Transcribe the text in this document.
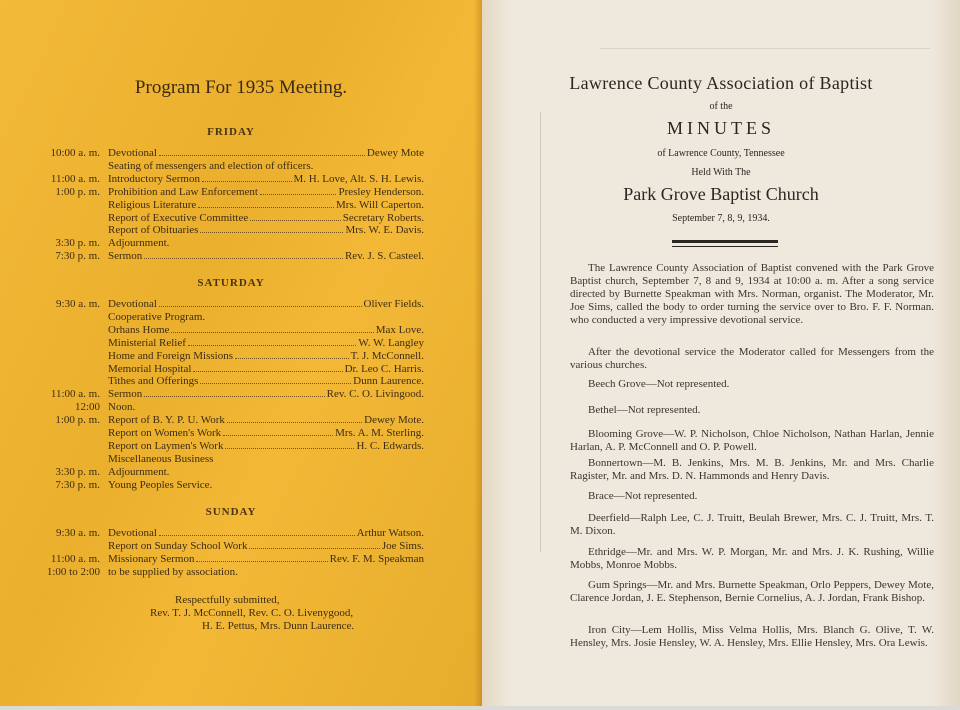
Program For 1935 Meeting.
FRIDAY
10:00 a. m. Devotional	Dewey Mote
Seating of messengers and election of officers.
11:00 a. m. Introductory Sermon	M. H. Love, Alt. S. H. Lewis.
1:00 p. m. Prohibition and Law Enforcement	Presley Henderson.
Religious Literature	Mrs. Will Caperton.
Report of Executive Committee	Secretary Roberts.
Report of Obituaries	Mrs. W. E. Davis.
3:30 p. m. Adjournment.
7:30 p. m. Sermon	Rev. J. S. Casteel.
SATURDAY
9:30 a. m. Devotional	Oliver Fields.
Cooperative Program.
Orhans Home	Max Love.
Ministerial Relief	W. W. Langley
Home and Foreign Missions	T. J. McConnell.
Memorial Hospital	Dr. Leo C. Harris.
Tithes and Offerings	Dunn Laurence.
11:00 a. m. Sermon	Rev. C. O. Livingood.
12:00 Noon.
1:00 p. m. Report of B. Y. P. U. Work	Dewey Mote.
Report on Women's Work	Mrs. A. M. Sterling.
Report on Laymen's Work	H. C. Edwards.
Miscellaneous Business
3:30 p. m. Adjournment.
7:30 p. m. Young Peoples Service.
SUNDAY
9:30 a. m. Devotional	Arthur Watson.
Report on Sunday School Work	Joe Sims.
11:00 a. m. Missionary Sermon	Rev. F. M. Speakman
1:00 to 2:00 to be supplied by association.
Respectfully submitted,
Rev. T. J. McConnell, Rev. C. O. Livenygood,
H. E. Pettus, Mrs. Dunn Laurence.
Lawrence County Association of Baptist
of the
MINUTES
of Lawrence County, Tennessee
Held With The
Park Grove Baptist Church
September 7, 8, 9, 1934.
The Lawrence County Association of Baptist convened with the Park Grove Baptist church, September 7, 8 and 9, 1934 at 10:00 a. m. After a song service directed by Burnette Speakman with Mrs. Norman, organist. The Moderator, Mr. Joe Sims, called the body to order turning the service over to Bro. F. F. Norman. who conducted a very impressive devotional service.
After the devotional service the Moderator called for Messengers from the various churches.
Beech Grove—Not represented.
Bethel—Not represented.
Blooming Grove—W. P. Nicholson, Chloe Nicholson, Nathan Harlan, Jennie Harlan, A. P. McConnell and O. P. Powell.
Bonnertown—M. B. Jenkins, Mrs. M. B. Jenkins, Mr. and Mrs. Charlie Ragister, Mr. and Mrs. D. N. Hammonds and Henry Davis.
Brace—Not represented.
Deerfield—Ralph Lee, C. J. Truitt, Beulah Brewer, Mrs. C. J. Truitt, Mrs. T. M. Dixon.
Ethridge—Mr. and Mrs. W. P. Morgan, Mr. and Mrs. J. K. Rushing, Willie Mobbs, Monroe Mobbs.
Gum Springs—Mr. and Mrs. Burnette Speakman, Orlo Peppers, Dewey Mote, Clarence Jordan, J. E. Stephenson, Bernie Cornelius, A. J. Jordan, Frank Bishop.
Iron City—Lem Hollis, Miss Velma Hollis, Mrs. Blanch G. Olive, T. W. Hensley, Mrs. Josie Hensley, W. A. Hensley, Mrs. Ellie Hensley, Mrs. Ora Lewis.
